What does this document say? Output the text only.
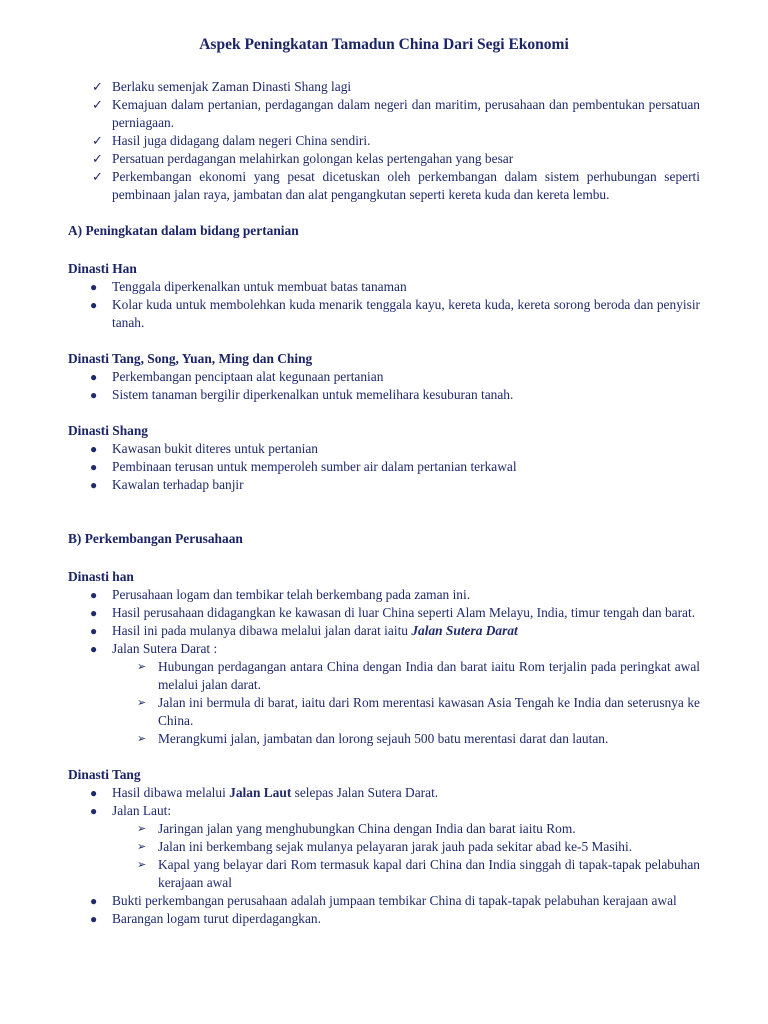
Aspek Peningkatan Tamadun China Dari Segi Ekonomi
✓ Berlaku semenjak Zaman Dinasti Shang lagi
✓ Kemajuan dalam pertanian, perdagangan dalam negeri dan maritim, perusahaan dan pembentukan persatuan perniagaan.
✓ Hasil juga didagang dalam negeri China sendiri.
✓ Persatuan perdagangan melahirkan golongan kelas pertengahan yang besar
✓ Perkembangan ekonomi yang pesat dicetuskan oleh perkembangan dalam sistem perhubungan seperti pembinaan jalan raya, jambatan dan alat pengangkutan seperti kereta kuda dan kereta lembu.
A) Peningkatan dalam bidang pertanian
Dinasti Han
● Tenggala diperkenalkan untuk membuat batas tanaman
● Kolar kuda untuk membolehkan kuda menarik tenggala kayu, kereta kuda, kereta sorong beroda dan penyisir tanah.
Dinasti Tang, Song, Yuan, Ming dan Ching
● Perkembangan penciptaan alat kegunaan pertanian
● Sistem tanaman bergilir diperkenalkan untuk memelihara kesuburan tanah.
Dinasti Shang
● Kawasan bukit diteres untuk pertanian
● Pembinaan terusan untuk memperoleh sumber air dalam pertanian terkawal
● Kawalan terhadap banjir
B) Perkembangan Perusahaan
Dinasti han
● Perusahaan logam dan tembikar telah berkembang pada zaman ini.
● Hasil perusahaan didagangkan ke kawasan di luar China seperti Alam Melayu, India, timur tengah dan barat.
● Hasil ini pada mulanya dibawa melalui jalan darat iaitu Jalan Sutera Darat
● Jalan Sutera Darat :
➢ Hubungan perdagangan antara China dengan India dan barat iaitu Rom terjalin pada peringkat awal melalui jalan darat.
➢ Jalan ini bermula di barat, iaitu dari Rom merentasi kawasan Asia Tengah ke India dan seterusnya ke China.
➢ Merangkumi jalan, jambatan dan lorong sejauh 500 batu merentasi darat dan lautan.
Dinasti Tang
● Hasil dibawa melalui Jalan Laut selepas Jalan Sutera Darat.
● Jalan Laut:
➢ Jaringan jalan yang menghubungkan China dengan India dan barat iaitu Rom.
➢ Jalan ini berkembang sejak mulanya pelayaran jarak jauh pada sekitar abad ke-5 Masihi.
➢ Kapal yang belayar dari Rom termasuk kapal dari China dan India singgah di tapak-tapak pelabuhan kerajaan awal
● Bukti perkembangan perusahaan adalah jumpaan tembikar China di tapak-tapak pelabuhan kerajaan awal
● Barangan logam turut diperdagangkan.
